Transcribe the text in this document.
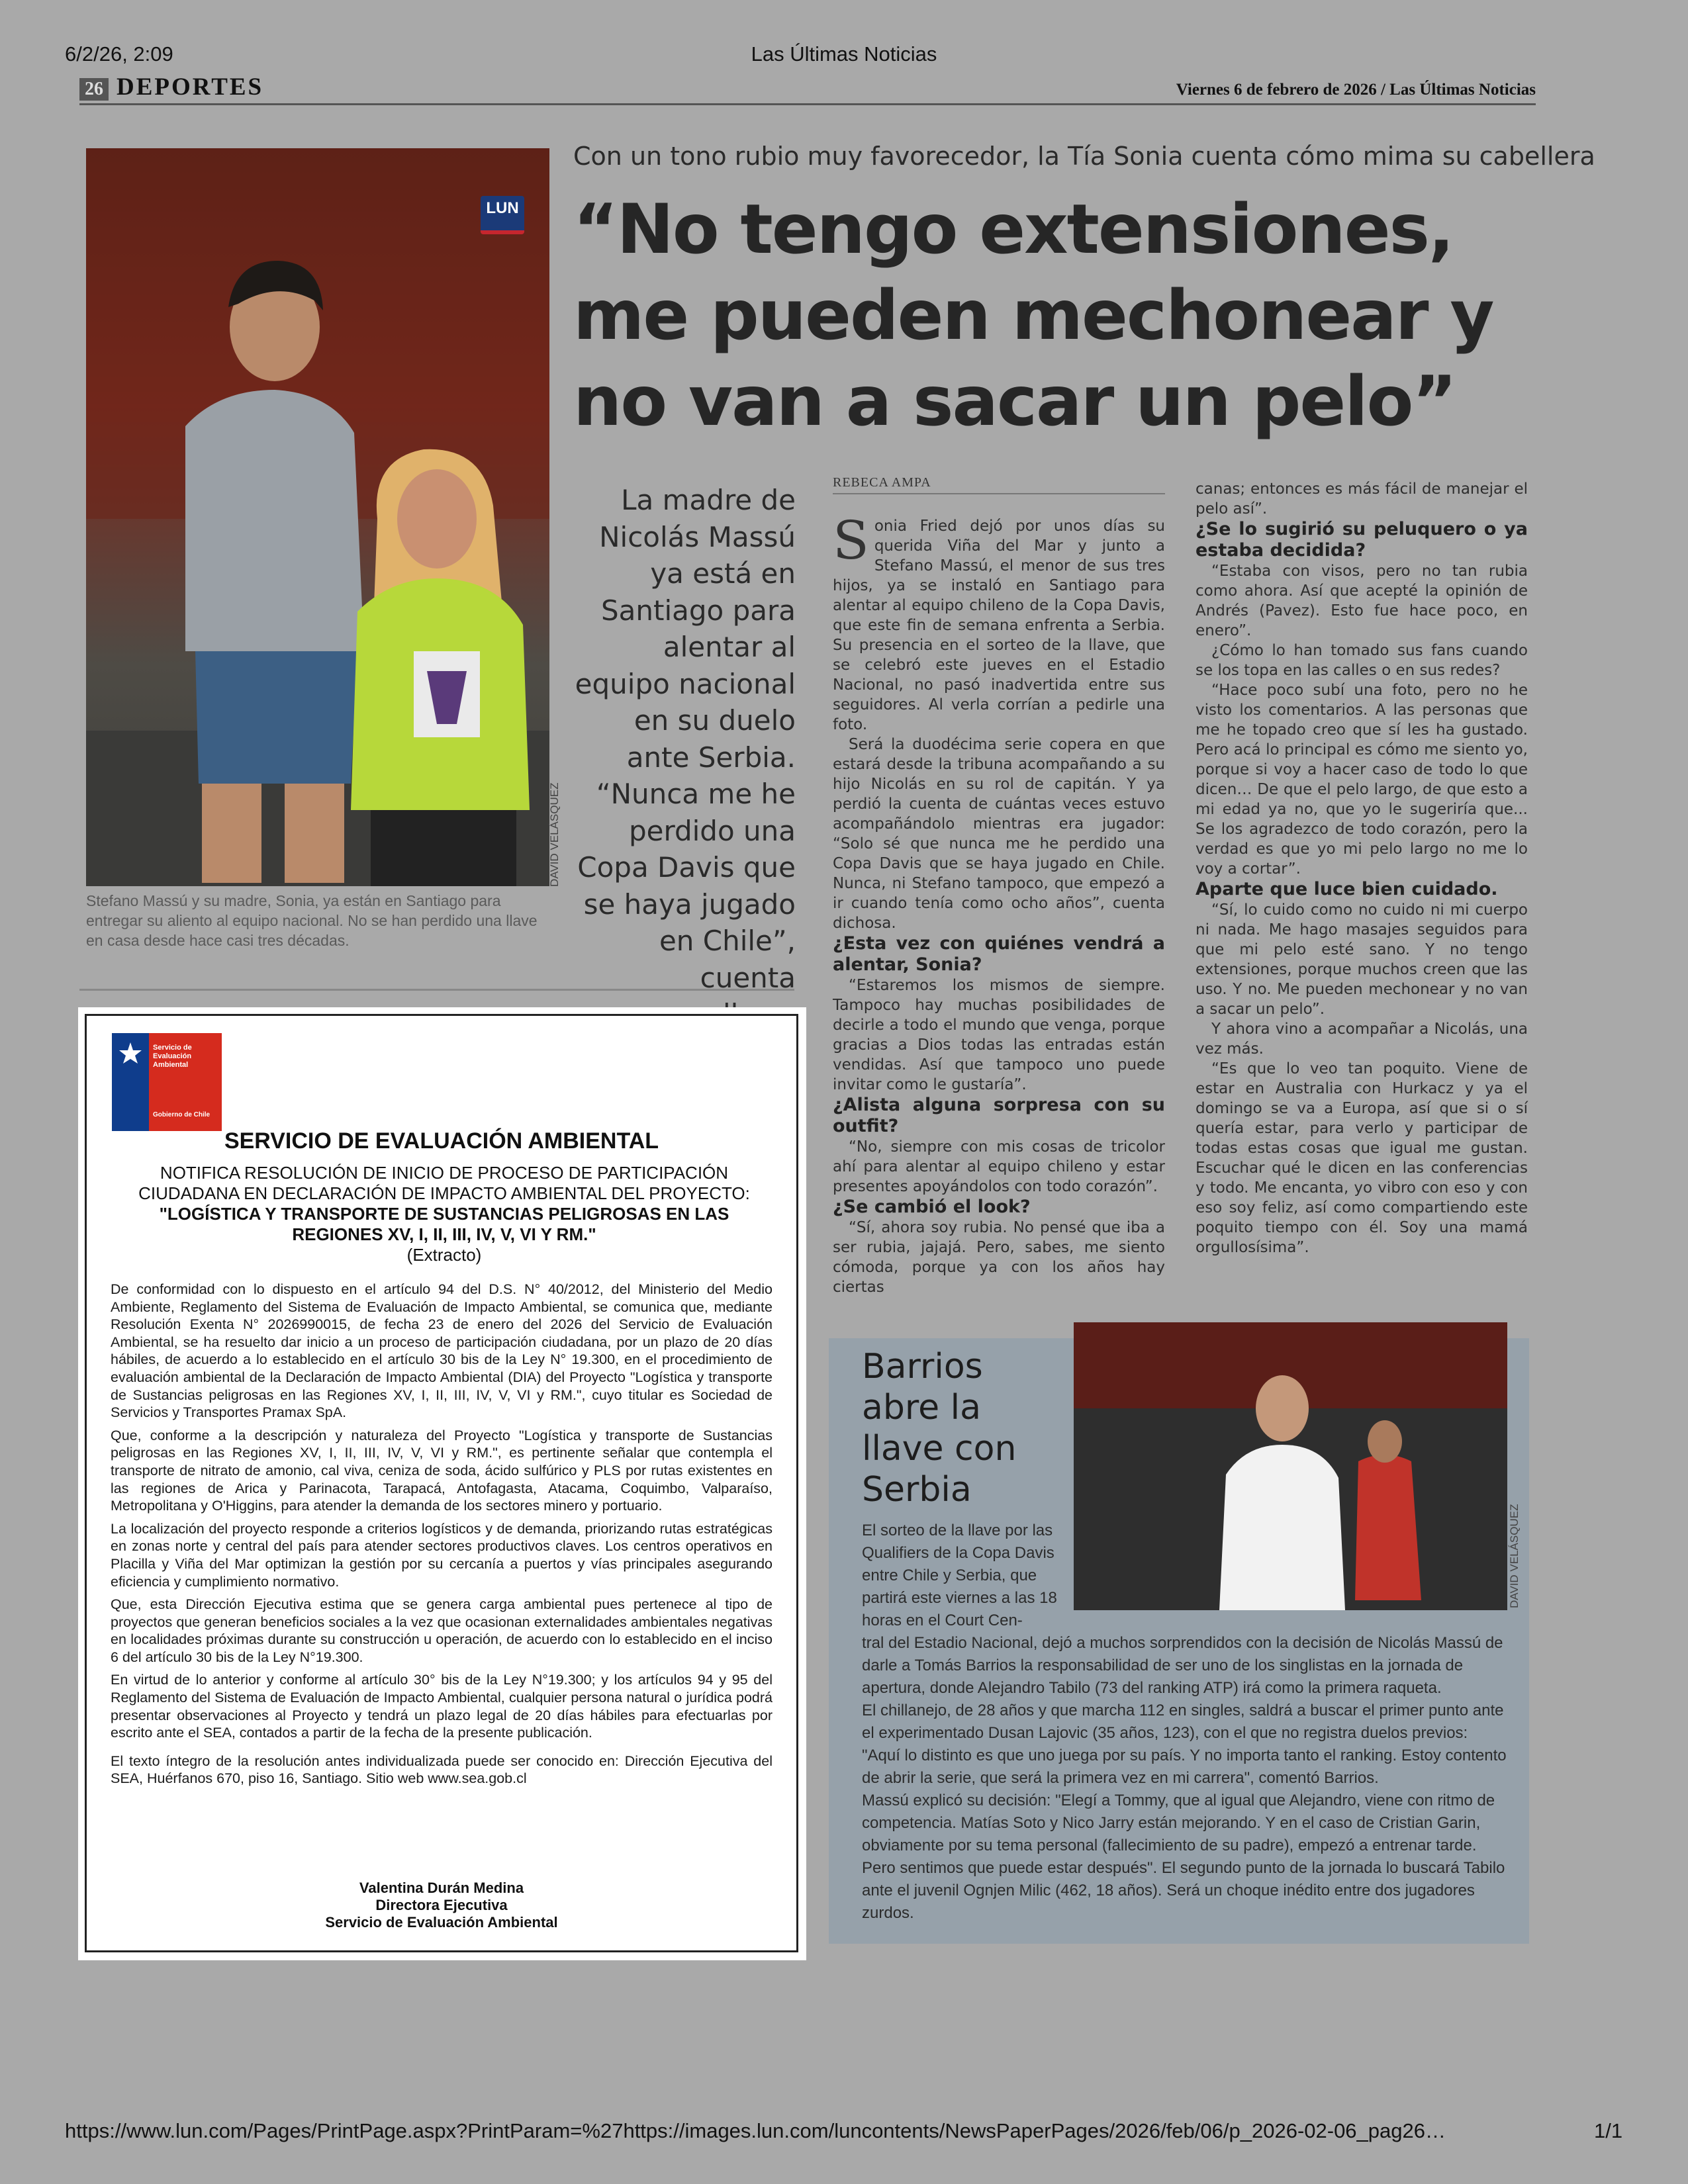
6/2/26, 2:09	Las Últimas Noticias
26 DEPORTES	Viernes 6 de febrero de 2026 / Las Últimas Noticias
LUN
DAVID VELÁSQUEZ
Con un tono rubio muy favorecedor, la Tía Sonia cuenta cómo mima su cabellera
“No tengo extensiones, me pueden mechonear y no van a sacar un pelo”
La madre de Nicolás Massú ya está en Santiago para alentar al equipo nacional en su duelo ante Serbia. “Nunca me he perdido una Copa Davis que se haya jugado en Chile”, cuenta
Stefano Massú y su madre, Sonia, ya están en Santiago para entregar su aliento al equipo nacional. No se han perdido una llave en casa desde hace casi tres décadas.
REBECA AMPA

Sonia Fried dejó por unos días su querida Viña del Mar y junto a Stefano Massú, el menor de sus tres hijos, ya se instaló en Santiago para alentar al equipo chileno de la Copa Davis, que este fin de semana enfrenta a Serbia. Su presencia en el sorteo de la llave, que se celebró este jueves en el Estadio Nacional, no pasó inadvertida entre sus seguidores. Al verla corrían a pedirle una foto.

Será la duodécima serie copera en que estará desde la tribuna acompañando a su hijo Nicolás en su rol de capitán. Y ya perdió la cuenta de cuántas veces estuvo acompañándolo mientras era jugador: “Solo sé que nunca me he perdido una Copa Davis que se haya jugado en Chile. Nunca, ni Stefano tampoco, que empezó a ir cuando tenía como ocho años”, cuenta dichosa.

¿Esta vez con quiénes vendrá a alentar, Sonia?

“Estaremos los mismos de siempre. Tampoco hay muchas posibilidades de decirle a todo el mundo que venga, porque gracias a Dios todas las entradas están vendidas. Así que tampoco uno puede invitar como le gustaría”.

¿Alista alguna sorpresa con su outfit?

“No, siempre con mis cosas de tricolor ahí para alentar al equipo chileno y estar presentes apoyándolos con todo corazón”.

¿Se cambió el look?

“Sí, ahora soy rubia. No pensé que iba a ser rubia, jajajá. Pero, sabes, me siento cómoda, porque ya con los años hay ciertas

canas; entonces es más fácil de manejar el pelo así”.

¿Se lo sugirió su peluquero o ya estaba decidida?

“Estaba con visos, pero no tan rubia como ahora. Así que acepté la opinión de Andrés (Pavez). Esto fue hace poco, en enero”.

¿Cómo lo han tomado sus fans cuando se los topa en las calles o en sus redes?

“Hace poco subí una foto, pero no he visto los comentarios. A las personas que me he topado creo que sí les ha gustado. Pero acá lo principal es cómo me siento yo, porque si voy a hacer caso de todo lo que dicen… De que el pelo largo, de que esto a mi edad ya no, que yo le sugeriría que... Se los agradezco de todo corazón, pero la verdad es que yo mi pelo largo no me lo voy a cortar”.

Aparte que luce bien cuidado.

“Sí, lo cuido como no cuido ni mi cuerpo ni nada. Me hago masajes seguidos para que mi pelo esté sano. Y no tengo extensiones, porque muchos creen que las uso. Y no. Me pueden mechonear y no van a sacar un pelo”.

Y ahora vino a acompañar a Nicolás, una vez más.

“Es que lo veo tan poquito. Viene de estar en Australia con Hurkacz y ya el domingo se va a Europa, así que si o sí quería estar, para verlo y participar de todas estas cosas que igual me gustan. Escuchar qué le dicen en las conferencias y todo. Me encanta, yo vibro con eso y con eso soy feliz, así como compartiendo este poquito tiempo con él. Soy una mamá orgullosísima”.

Servicio de Evaluación Ambiental
Gobierno de Chile
SERVICIO DE EVALUACIÓN AMBIENTAL
NOTIFICA RESOLUCIÓN DE INICIO DE PROCESO DE PARTICIPACIÓN CIUDADANA EN DECLARACIÓN DE IMPACTO AMBIENTAL DEL PROYECTO:
"LOGÍSTICA Y TRANSPORTE DE SUSTANCIAS PELIGROSAS EN LAS REGIONES XV, I, II, III, IV, V, VI Y RM."
(Extracto)

De conformidad con lo dispuesto en el artículo 94 del D.S. N° 40/2012, del Ministerio del Medio Ambiente, Reglamento del Sistema de Evaluación de Impacto Ambiental, se comunica que, mediante Resolución Exenta N° 2026990015, de fecha 23 de enero del 2026 del Servicio de Evaluación Ambiental, se ha resuelto dar inicio a un proceso de participación ciudadana, por un plazo de 20 días hábiles, de acuerdo a lo establecido en el artículo 30 bis de la Ley N° 19.300, en el procedimiento de evaluación ambiental de la Declaración de Impacto Ambiental (DIA) del Proyecto "Logística y transporte de Sustancias peligrosas en las Regiones XV, I, II, III, IV, V, VI y RM.", cuyo titular es Sociedad de Servicios y Transportes Pramax SpA.

Que, conforme a la descripción y naturaleza del Proyecto "Logística y transporte de Sustancias peligrosas en las Regiones XV, I, II, III, IV, V, VI y RM.", es pertinente señalar que contempla el transporte de nitrato de amonio, cal viva, ceniza de soda, ácido sulfúrico y PLS por rutas existentes en las regiones de Arica y Parinacota, Tarapacá, Antofagasta, Atacama, Coquimbo, Valparaíso, Metropolitana y O'Higgins, para atender la demanda de los sectores minero y portuario.

La localización del proyecto responde a criterios logísticos y de demanda, priorizando rutas estratégicas en zonas norte y central del país para atender sectores productivos claves. Los centros operativos en Placilla y Viña del Mar optimizan la gestión por su cercanía a puertos y vías principales asegurando eficiencia y cumplimiento normativo.

Que, esta Dirección Ejecutiva estima que se genera carga ambiental pues pertenece al tipo de proyectos que generan beneficios sociales a la vez que ocasionan externalidades ambientales negativas en localidades próximas durante su construcción u operación, de acuerdo con lo establecido en el inciso 6 del artículo 30 bis de la Ley N°19.300.

En virtud de lo anterior y conforme al artículo 30° bis de la Ley N°19.300; y los artículos 94 y 95 del Reglamento del Sistema de Evaluación de Impacto Ambiental, cualquier persona natural o jurídica podrá presentar observaciones al Proyecto y tendrá un plazo legal de 20 días hábiles para efectuarlas por escrito ante el SEA, contados a partir de la fecha de la presente publicación.

El texto íntegro de la resolución antes individualizada puede ser conocido en: Dirección Ejecutiva del SEA, Huérfanos 670, piso 16, Santiago. Sitio web www.sea.gob.cl

Valentina Durán Medina
Directora Ejecutiva
Servicio de Evaluación Ambiental
DAVID VELÁSQUEZ
Barrios abre la llave con Serbia
El sorteo de la llave por las Qualifiers de la Copa Davis entre Chile y Serbia, que partirá este viernes a las 18 horas en el Court Cen-

tral del Estadio Nacional, dejó a muchos sorprendidos con la decisión de Nicolás Massú de darle a Tomás Barrios la responsabilidad de ser uno de los singlistas en la jornada de apertura, donde Alejandro Tabilo (73 del ranking ATP) irá como la primera raqueta.

El chillanejo, de 28 años y que marcha 112 en singles, saldrá a buscar el primer punto ante el experimentado Dusan Lajovic (35 años, 123), con el que no registra duelos previos: "Aquí lo distinto es que uno juega por su país. Y no importa tanto el ranking. Estoy contento de abrir la serie, que será la primera vez en mi carrera", comentó Barrios.

Massú explicó su decisión: "Elegí a Tommy, que al igual que Alejandro, viene con ritmo de competencia. Matías Soto y Nico Jarry están mejorando. Y en el caso de Cristian Garin, obviamente por su tema personal (fallecimiento de su padre), empezó a entrenar tarde. Pero sentimos que puede estar después". El segundo punto de la jornada lo buscará Tabilo ante el juvenil Ognjen Milic (462, 18 años). Será un choque inédito entre dos jugadores zurdos.

https://www.lun.com/Pages/PrintPage.aspx?PrintParam=%27https://images.lun.com/luncontents/NewsPaperPages/2026/feb/06/p_2026-02-06_pag26…	1/1
